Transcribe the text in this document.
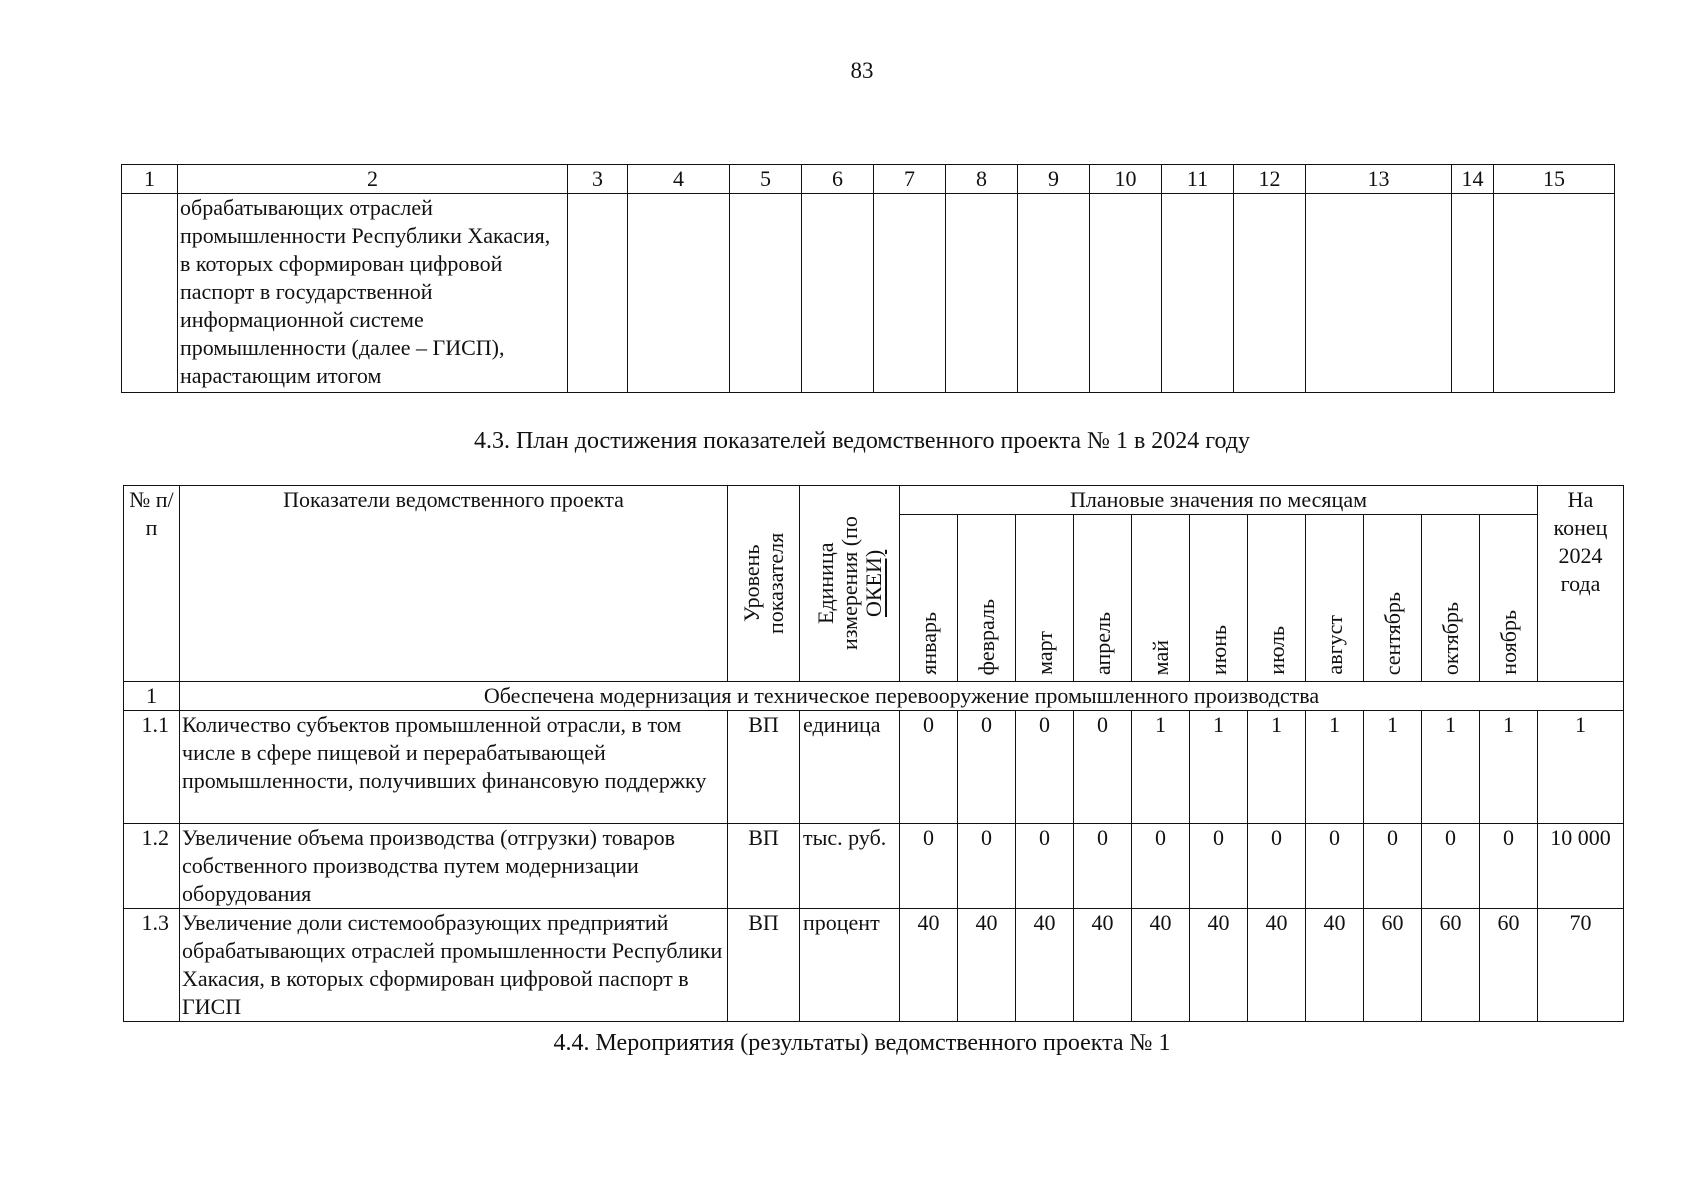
83
1	2	3	4	5	6	7	8	9	10	11	12	13	14	15
	обрабатывающих отраслей промышленности Республики Хакасия, в которых сформирован цифровой паспорт в государственной информационной системе промышленности (далее – ГИСП), нарастающим итогом													
4.3. План достижения показателей ведомственного проекта № 1 в 2024 году
№ п/п	Показатели ведомственного проекта	Уровень показателя	Единица измерения (по ОКЕИ)	Плановые значения по месяцам											На конец 2024 года

				январь	февраль	март	апрель	май	июнь	июль	август	сентябрь	октябрь	ноябрь	

1	Обеспечена модернизация и техническое перевооружение промышленного производства														
1.1	Количество субъектов промышленной отрасли, в том числе в сфере пищевой и перерабатывающей промышленности, получивших финансовую поддержку	ВП	единица	0	0	0	0	1	1	1	1	1	1	1	1
1.2	Увеличение объема производства (отгрузки) товаров собственного производства путем модернизации оборудования	ВП	тыс. руб.	0	0	0	0	0	0	0	0	0	0	0	10 000
1.3	Увеличение доли системообразующих предприятий обрабатывающих отраслей промышленности Республики Хакасия, в которых сформирован цифровой паспорт в ГИСП	ВП	процент	40	40	40	40	40	40	40	40	60	60	60	70
4.4. Мероприятия (результаты) ведомственного проекта № 1
